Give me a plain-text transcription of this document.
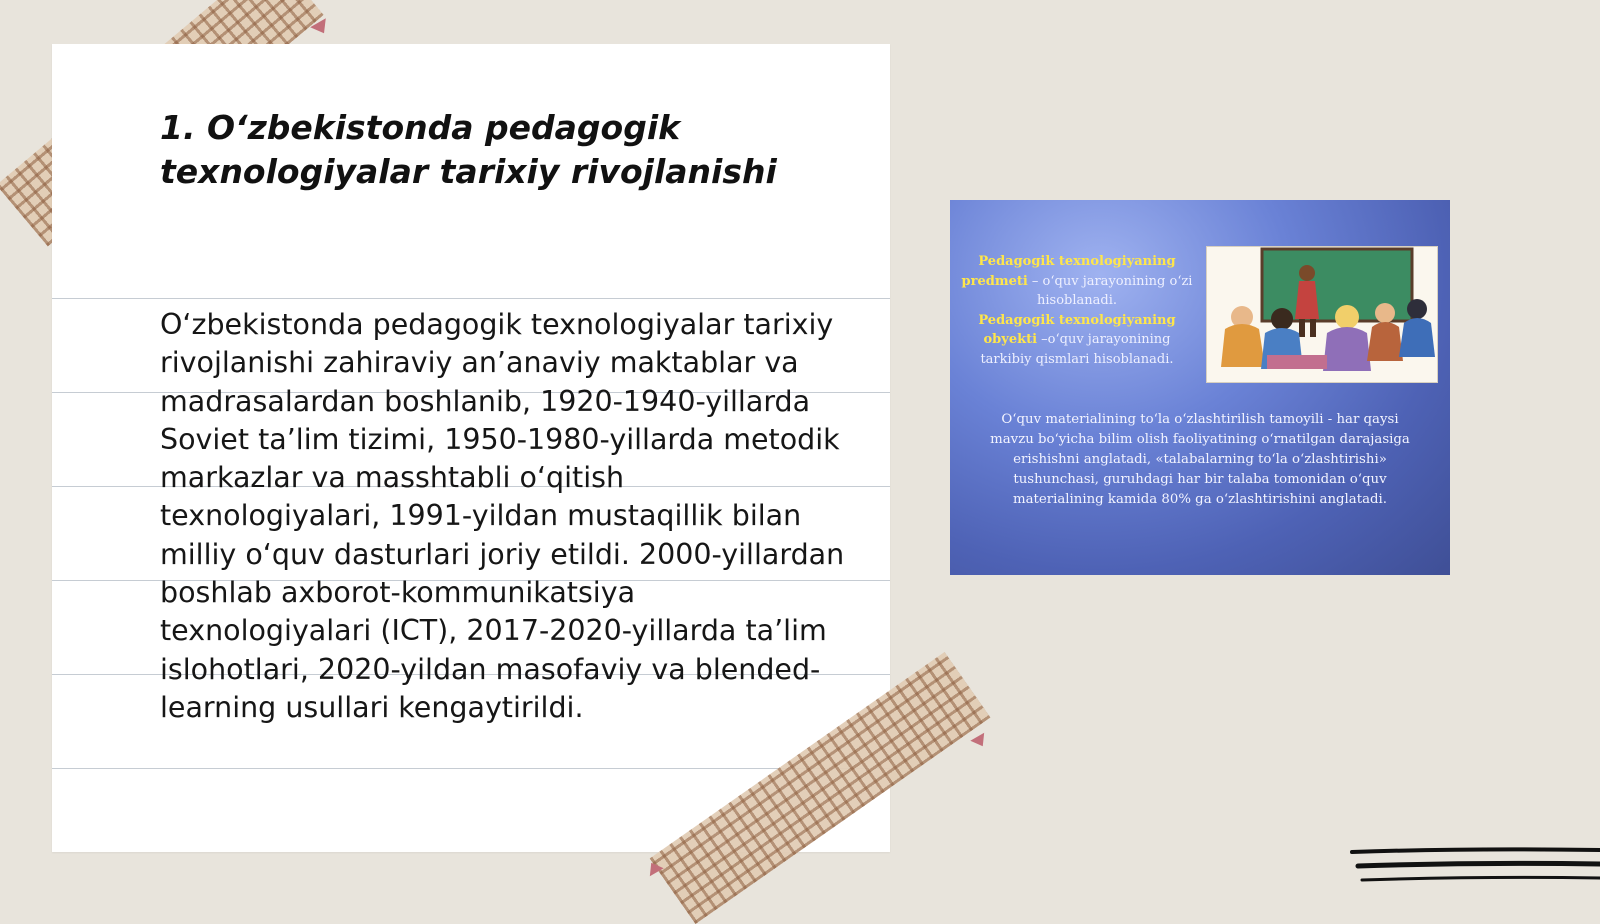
1. O‘zbekistonda pedagogik texnologiyalar tarixiy rivojlanishi

O‘zbekistonda pedagogik texnologiyalar tarixiy rivojlanishi zahiraviy an’anaviy maktablar va madrasalardan boshlanib, 1920-1940-yillarda Soviet ta’lim tizimi, 1950-1980-yillarda metodik markazlar va masshtabli o‘qitish texnologiyalari, 1991-yildan mustaqillik bilan milliy o‘quv dasturlari joriy etildi. 2000-yillardan boshlab axborot-kommunikatsiya texnologiyalari (ICT), 2017-2020-yillarda ta’lim islohotlari, 2020-yildan masofaviy va blended-learning usullari kengaytirildi.

Pedagogik texnologiyaning predmeti – o‘quv jarayonining o‘zi hisoblanadi.
Pedagogik texnologiyaning obyekti –o‘quv jarayonining tarkibiy qismlari hisoblanadi.
O‘quv materialining to‘la o‘zlashtirilish tamoyili - har qaysi mavzu bo‘yicha bilim olish faoliyatining o‘rnatilgan darajasiga erishishni anglatadi, «talabalarning to‘la o‘zlashtirishi» tushunchasi, guruhdagi har bir talaba tomonidan o‘quv materialining kamida 80% ga o‘zlashtirishini anglatadi.
